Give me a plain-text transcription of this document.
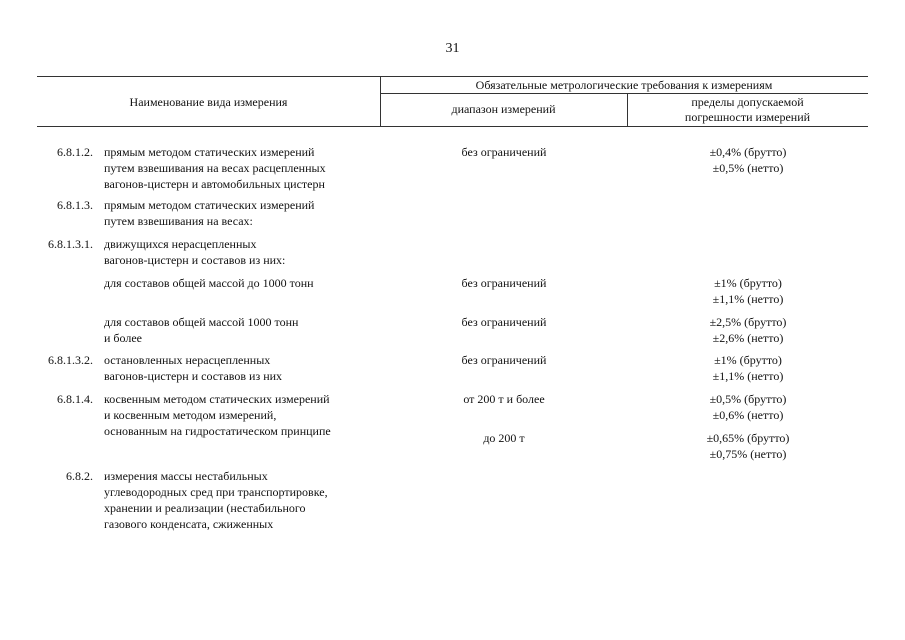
31
Наименование вида измерения
Обязательные метрологические требования к измерениям
диапазон измерений	пределы допускаемой
погрешности измерений
6.8.1.2. прямым методом статических измерений
путем взвешивания на весах расцепленных
вагонов-цистерн и автомобильных цистерн
без ограничений	±0,4% (брутто)
±0,5% (нетто)
6.8.1.3. прямым методом статических измерений
путем взвешивания на весах:
6.8.1.3.1. движущихся нерасцепленных
вагонов-цистерн и составов из них:
для составов общей массой до 1000 тонн	без ограничений	±1% (брутто)
±1,1% (нетто)
для составов общей массой 1000 тонн
и более
без ограничений	±2,5% (брутто)
±2,6% (нетто)
6.8.1.3.2. остановленных нерасцепленных
вагонов-цистерн и составов из них
без ограничений	±1% (брутто)
±1,1% (нетто)
6.8.1.4. косвенным методом статических измерений
и косвенным методом измерений,
основанным на гидростатическом принципе
от 200 т и более	±0,5% (брутто)
±0,6% (нетто)
до 200 т	±0,65% (брутто)
±0,75% (нетто)
6.8.2. измерения массы нестабильных
углеводородных сред при транспортировке,
хранении и реализации (нестабильного
газового конденсата, сжиженных
